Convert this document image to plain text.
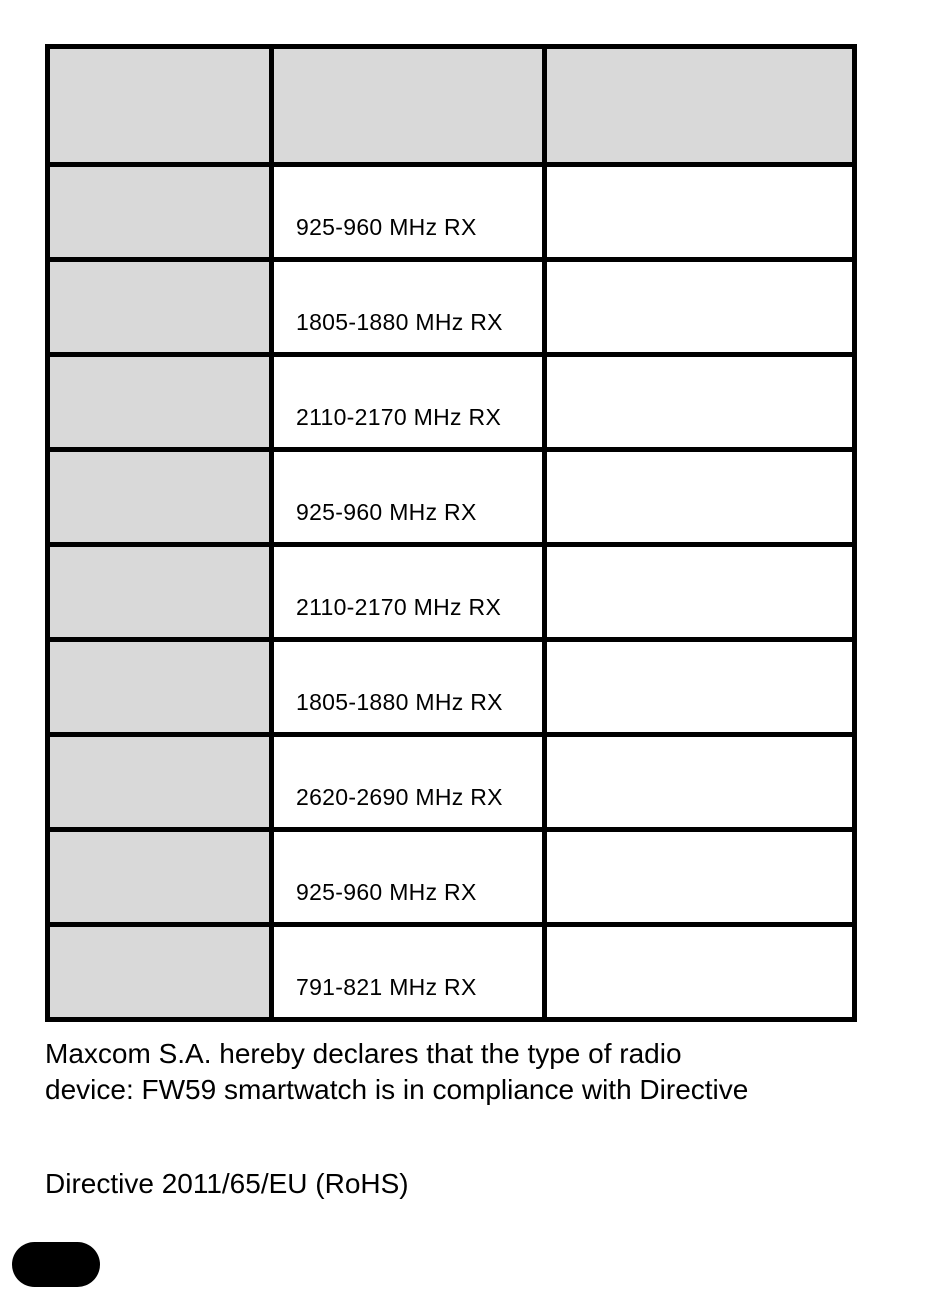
	925-960 MHz RX	
	1805-1880 MHz RX	
	2110-2170 MHz RX	
	925-960 MHz RX	
	2110-2170 MHz RX	
	1805-1880 MHz RX	
	2620-2690 MHz RX	
	925-960 MHz RX	
	791-821 MHz RX	

Maxcom S.A. hereby declares that the type of radio
device: FW59 smartwatch is in compliance with Directive

Directive 2011/65/EU (RoHS)
